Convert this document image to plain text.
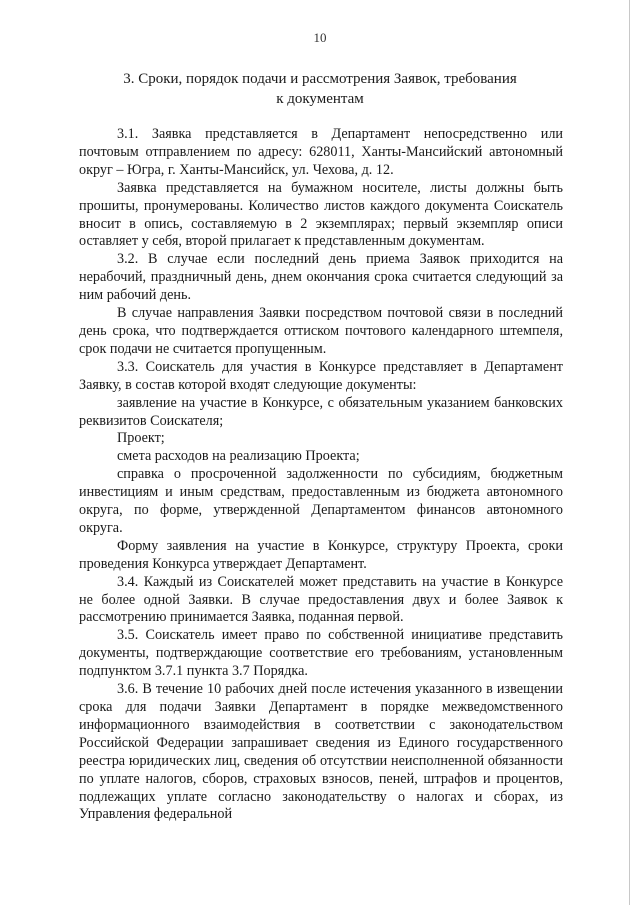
10
3. Сроки, порядок подачи и рассмотрения Заявок, требования
к документам

3.1. Заявка представляется в Департамент непосредственно или почтовым отправлением по адресу: 628011, Ханты-Мансийский автономный округ – Югра, г. Ханты-Мансийск, ул. Чехова, д. 12.

Заявка представляется на бумажном носителе, листы должны быть прошиты, пронумерованы. Количество листов каждого документа Соискатель вносит в опись, составляемую в 2 экземплярах; первый экземпляр описи оставляет у себя, второй прилагает к представленным документам.

3.2. В случае если последний день приема Заявок приходится на нерабочий, праздничный день, днем окончания срока считается следующий за ним рабочий день.

В случае направления Заявки посредством почтовой связи в последний день срока, что подтверждается оттиском почтового календарного штемпеля, срок подачи не считается пропущенным.

3.3. Соискатель для участия в Конкурсе представляет в Департамент Заявку, в состав которой входят следующие документы:

заявление на участие в Конкурсе, с обязательным указанием банковских реквизитов Соискателя;

Проект;

смета расходов на реализацию Проекта;

справка о просроченной задолженности по субсидиям, бюджетным инвестициям и иным средствам, предоставленным из бюджета автономного округа, по форме, утвержденной Департаментом финансов автономного округа.

Форму заявления на участие в Конкурсе, структуру Проекта, сроки проведения Конкурса утверждает Департамент.

3.4. Каждый из Соискателей может представить на участие в Конкурсе не более одной Заявки. В случае предоставления двух и более Заявок к рассмотрению принимается Заявка, поданная первой.

3.5. Соискатель имеет право по собственной инициативе представить документы, подтверждающие соответствие его требованиям, установленным подпунктом 3.7.1 пункта 3.7 Порядка.

3.6. В течение 10 рабочих дней после истечения указанного в извещении срока для подачи Заявки Департамент в порядке межведомственного информационного взаимодействия в соответствии с законодательством Российской Федерации запрашивает сведения из Единого государственного реестра юридических лиц, сведения об отсутствии неисполненной обязанности по уплате налогов, сборов, страховых взносов, пеней, штрафов и процентов, подлежащих уплате согласно законодательству о налогах и сборах, из Управления федеральной
